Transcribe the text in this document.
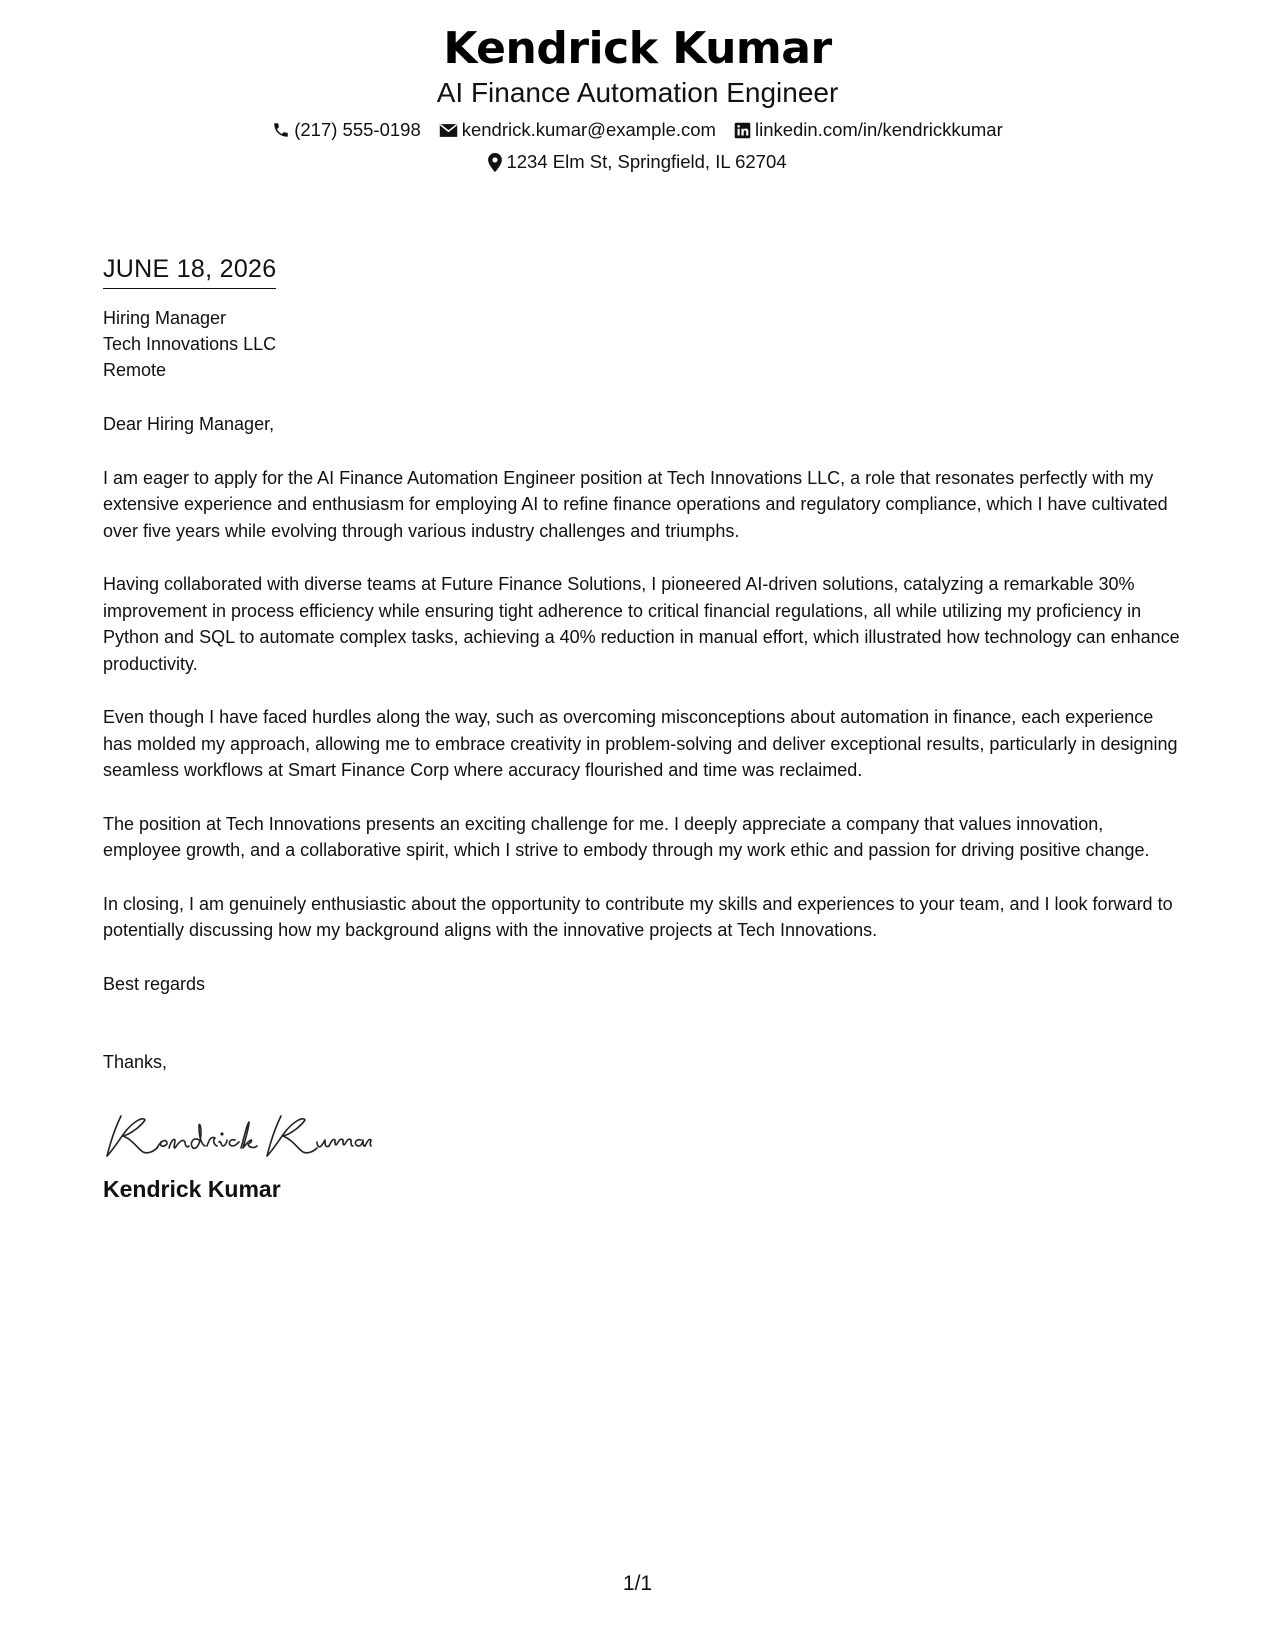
Kendrick Kumar
AI Finance Automation Engineer
(217) 555-0198 kendrick.kumar@example.com linkedin.com/in/kendrickkumar
1234 Elm St, Springfield, IL 62704
JUNE 18, 2026
Hiring Manager
Tech Innovations LLC
Remote
Dear Hiring Manager,
I am eager to apply for the AI Finance Automation Engineer position at Tech Innovations LLC, a role that resonates perfectly with my extensive experience and enthusiasm for employing AI to refine finance operations and regulatory compliance, which I have cultivated over five years while evolving through various industry challenges and triumphs.
Having collaborated with diverse teams at Future Finance Solutions, I pioneered AI-driven solutions, catalyzing a remarkable 30% improvement in process efficiency while ensuring tight adherence to critical financial regulations, all while utilizing my proficiency in Python and SQL to automate complex tasks, achieving a 40% reduction in manual effort, which illustrated how technology can enhance productivity.
Even though I have faced hurdles along the way, such as overcoming misconceptions about automation in finance, each experience has molded my approach, allowing me to embrace creativity in problem-solving and deliver exceptional results, particularly in designing seamless workflows at Smart Finance Corp where accuracy flourished and time was reclaimed.
The position at Tech Innovations presents an exciting challenge for me. I deeply appreciate a company that values innovation, employee growth, and a collaborative spirit, which I strive to embody through my work ethic and passion for driving positive change.
In closing, I am genuinely enthusiastic about the opportunity to contribute my skills and experiences to your team, and I look forward to potentially discussing how my background aligns with the innovative projects at Tech Innovations.
Best regards
Thanks,
Kendrick Kumar
1/1
